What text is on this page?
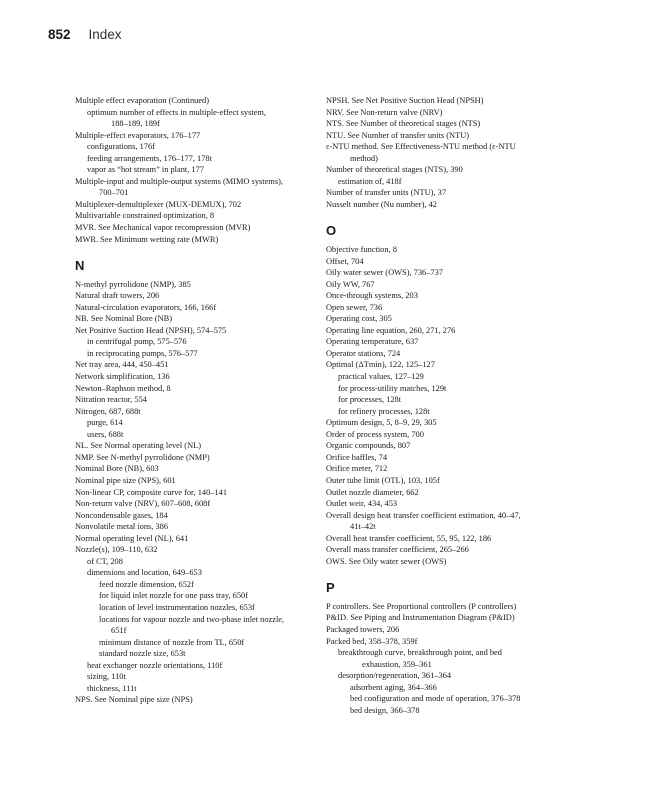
852 Index
Multiple effect evaporation (Continued)
optimum number of effects in multiple-effect system,
188–189, 189f
Multiple-effect evaporators, 176–177
configurations, 176f
feeding arrangements, 176–177, 178t
vapor as “hot stream” in plant, 177
Multiple-input and multiple-output systems (MIMO systems),
700–701
Multiplexer-demultiplexer (MUX-DEMUX), 702
Multivariable constrained optimization, 8
MVR. See Mechanical vapor recompression (MVR)
MWR. See Minimum wetting rate (MWR)
N
N-methyl pyrrolidone (NMP), 385
Natural draft towers, 206
Natural-circulation evaporators, 166, 166f
NB. See Nominal Bore (NB)
Net Positive Suction Head (NPSH), 574–575
in centrifugal pump, 575–576
in reciprocating pumps, 576–577
Net tray area, 444, 450–451
Network simplification, 136
Newton–Raphson method, 8
Nitration reactor, 554
Nitrogen, 687, 688t
purge, 614
users, 688t
NL. See Normal operating level (NL)
NMP. See N-methyl pyrrolidone (NMP)
Nominal Bore (NB), 603
Nominal pipe size (NPS), 601
Non-linear CP, composite curve for, 140–141
Non-return valve (NRV), 607–608, 608f
Noncondensable gases, 184
Nonvolatile metal ions, 386
Normal operating level (NL), 641
Nozzle(s), 109–110, 632
of CT, 208
dimensions and location, 649–653
feed nozzle dimension, 652f
for liquid inlet nozzle for one pass tray, 650f
location of level instrumentation nozzles, 653f
locations for vapour nozzle and two-phase inlet nozzle,
651f
minimum distance of nozzle from TL, 650f
standard nozzle size, 653t
heat exchanger nozzle orientations, 110f
sizing, 110t
thickness, 111t
NPS. See Nominal pipe size (NPS)
NPSH. See Net Positive Suction Head (NPSH)
NRV. See Non-return valve (NRV)
NTS. See Number of theoretical stages (NTS)
NTU. See Number of transfer units (NTU)
ε-NTU method. See Effectiveness-NTU method (ε-NTU
method)
Number of theoretical stages (NTS), 390
estimation of, 418f
Number of transfer units (NTU), 37
Nusselt number (Nu number), 42
O
Objective function, 8
Offset, 704
Oily water sewer (OWS), 736–737
Oily WW, 767
Once-through systems, 203
Open sewer, 736
Operating cost, 305
Operating line equation, 260, 271, 276
Operating temperature, 637
Operator stations, 724
Optimal (ΔTmin), 122, 125–127
practical values, 127–129
for process-utility matches, 129t
for processes, 128t
for refinery processes, 128t
Optimum design, 5, 8–9, 29, 305
Order of process system, 700
Organic compounds, 807
Orifice baffles, 74
Orifice meter, 712
Outer tube limit (OTL), 103, 105f
Outlet nozzle diameter, 662
Outlet weir, 434, 453
Overall design heat transfer coefficient estimation, 40–47,
41t–42t
Overall heat transfer coefficient, 55, 95, 122, 186
Overall mass transfer coefficient, 265–266
OWS. See Oily water sewer (OWS)
P
P controllers. See Proportional controllers (P controllers)
P&ID. See Piping and Instrumentation Diagram (P&ID)
Packaged towers, 206
Packed bed, 358–378, 359f
breakthrough curve, breakthrough point, and bed
exhaustion, 359–361
desorption/regeneration, 361–364
adsorbent aging, 364–366
bed configuration and mode of operation, 376–378
bed design, 366–378
